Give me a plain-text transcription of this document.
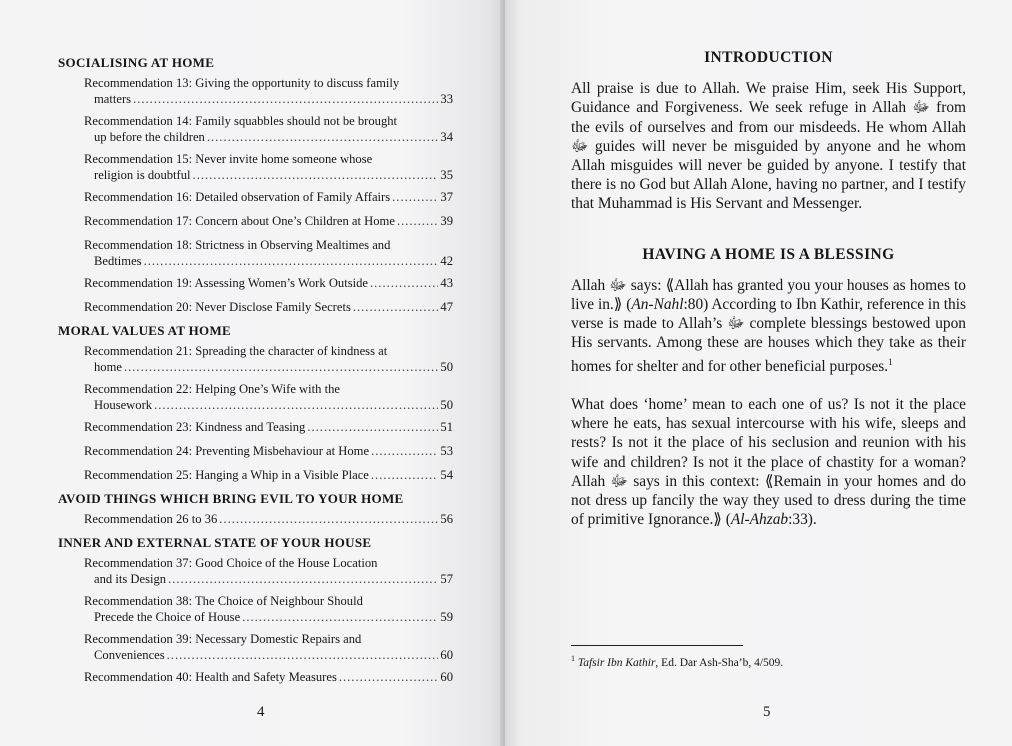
SOCIALISING AT HOME

Recommendation 13: Giving the opportunity to discuss family
matters .....	33
Recommendation 14: Family squabbles should not be brought
up before the children .....	34
Recommendation 15: Never invite home someone whose
religion is doubtful .....	35
Recommendation 16: Detailed observation of Family Affairs .....	37
Recommendation 17: Concern about One’s Children at Home .....	39
Recommendation 18: Strictness in Observing Mealtimes and
Bedtimes .....	42
Recommendation 19: Assessing Women’s Work Outside .....	43
Recommendation 20: Never Disclose Family Secrets .....	47

MORAL VALUES AT HOME

Recommendation 21: Spreading the character of kindness at
home .....	50
Recommendation 22: Helping One’s Wife with the
Housework .....	50
Recommendation 23: Kindness and Teasing .....	51
Recommendation 24: Preventing Misbehaviour at Home .....	53
Recommendation 25: Hanging a Whip in a Visible Place .....	54

AVOID THINGS WHICH BRING EVIL TO YOUR HOME

Recommendation 26 to 36 .....	56

INNER AND EXTERNAL STATE OF YOUR HOUSE

Recommendation 37: Good Choice of the House Location
and its Design .....	57
Recommendation 38: The Choice of Neighbour Should
Precede the Choice of House .....	59
Recommendation 39: Necessary Domestic Repairs and
Conveniences .....	60
Recommendation 40: Health and Safety Measures .....	60
4

INTRODUCTION

All praise is due to Allah. We praise Him, seek His Support, Guidance and Forgiveness. We seek refuge in Allah ﷻ from the evils of ourselves and from our misdeeds. He whom Allah ﷻ guides will never be misguided by anyone and he whom Allah misguides will never be guided by anyone. I testify that there is no God but Allah Alone, having no partner, and I testify that Muhammad is His Servant and Messenger.

HAVING A HOME IS A BLESSING

Allah ﷻ says: ⟪Allah has granted you your houses as homes to live in.⟫ (An-Nahl:80) According to Ibn Kathir, reference in this verse is made to Allah’s ﷻ complete blessings bestowed upon His servants. Among these are houses which they take as their homes for shelter and for other beneficial purposes.$^1$

What does ‘home’ mean to each one of us? Is not it the place where he eats, has sexual intercourse with his wife, sleeps and rests? Is not it the place of his seclusion and reunion with his wife and children? Is not it the place of chastity for a woman? Allah ﷻ says in this context: ⟪Remain in your homes and do not dress up fancily the way they used to dress during the time of primitive Ignorance.⟫ (Al-Ahzab:33).

$^1$ Tafsir Ibn Kathir, Ed. Dar Ash-Sha’b, 4/509.
5
